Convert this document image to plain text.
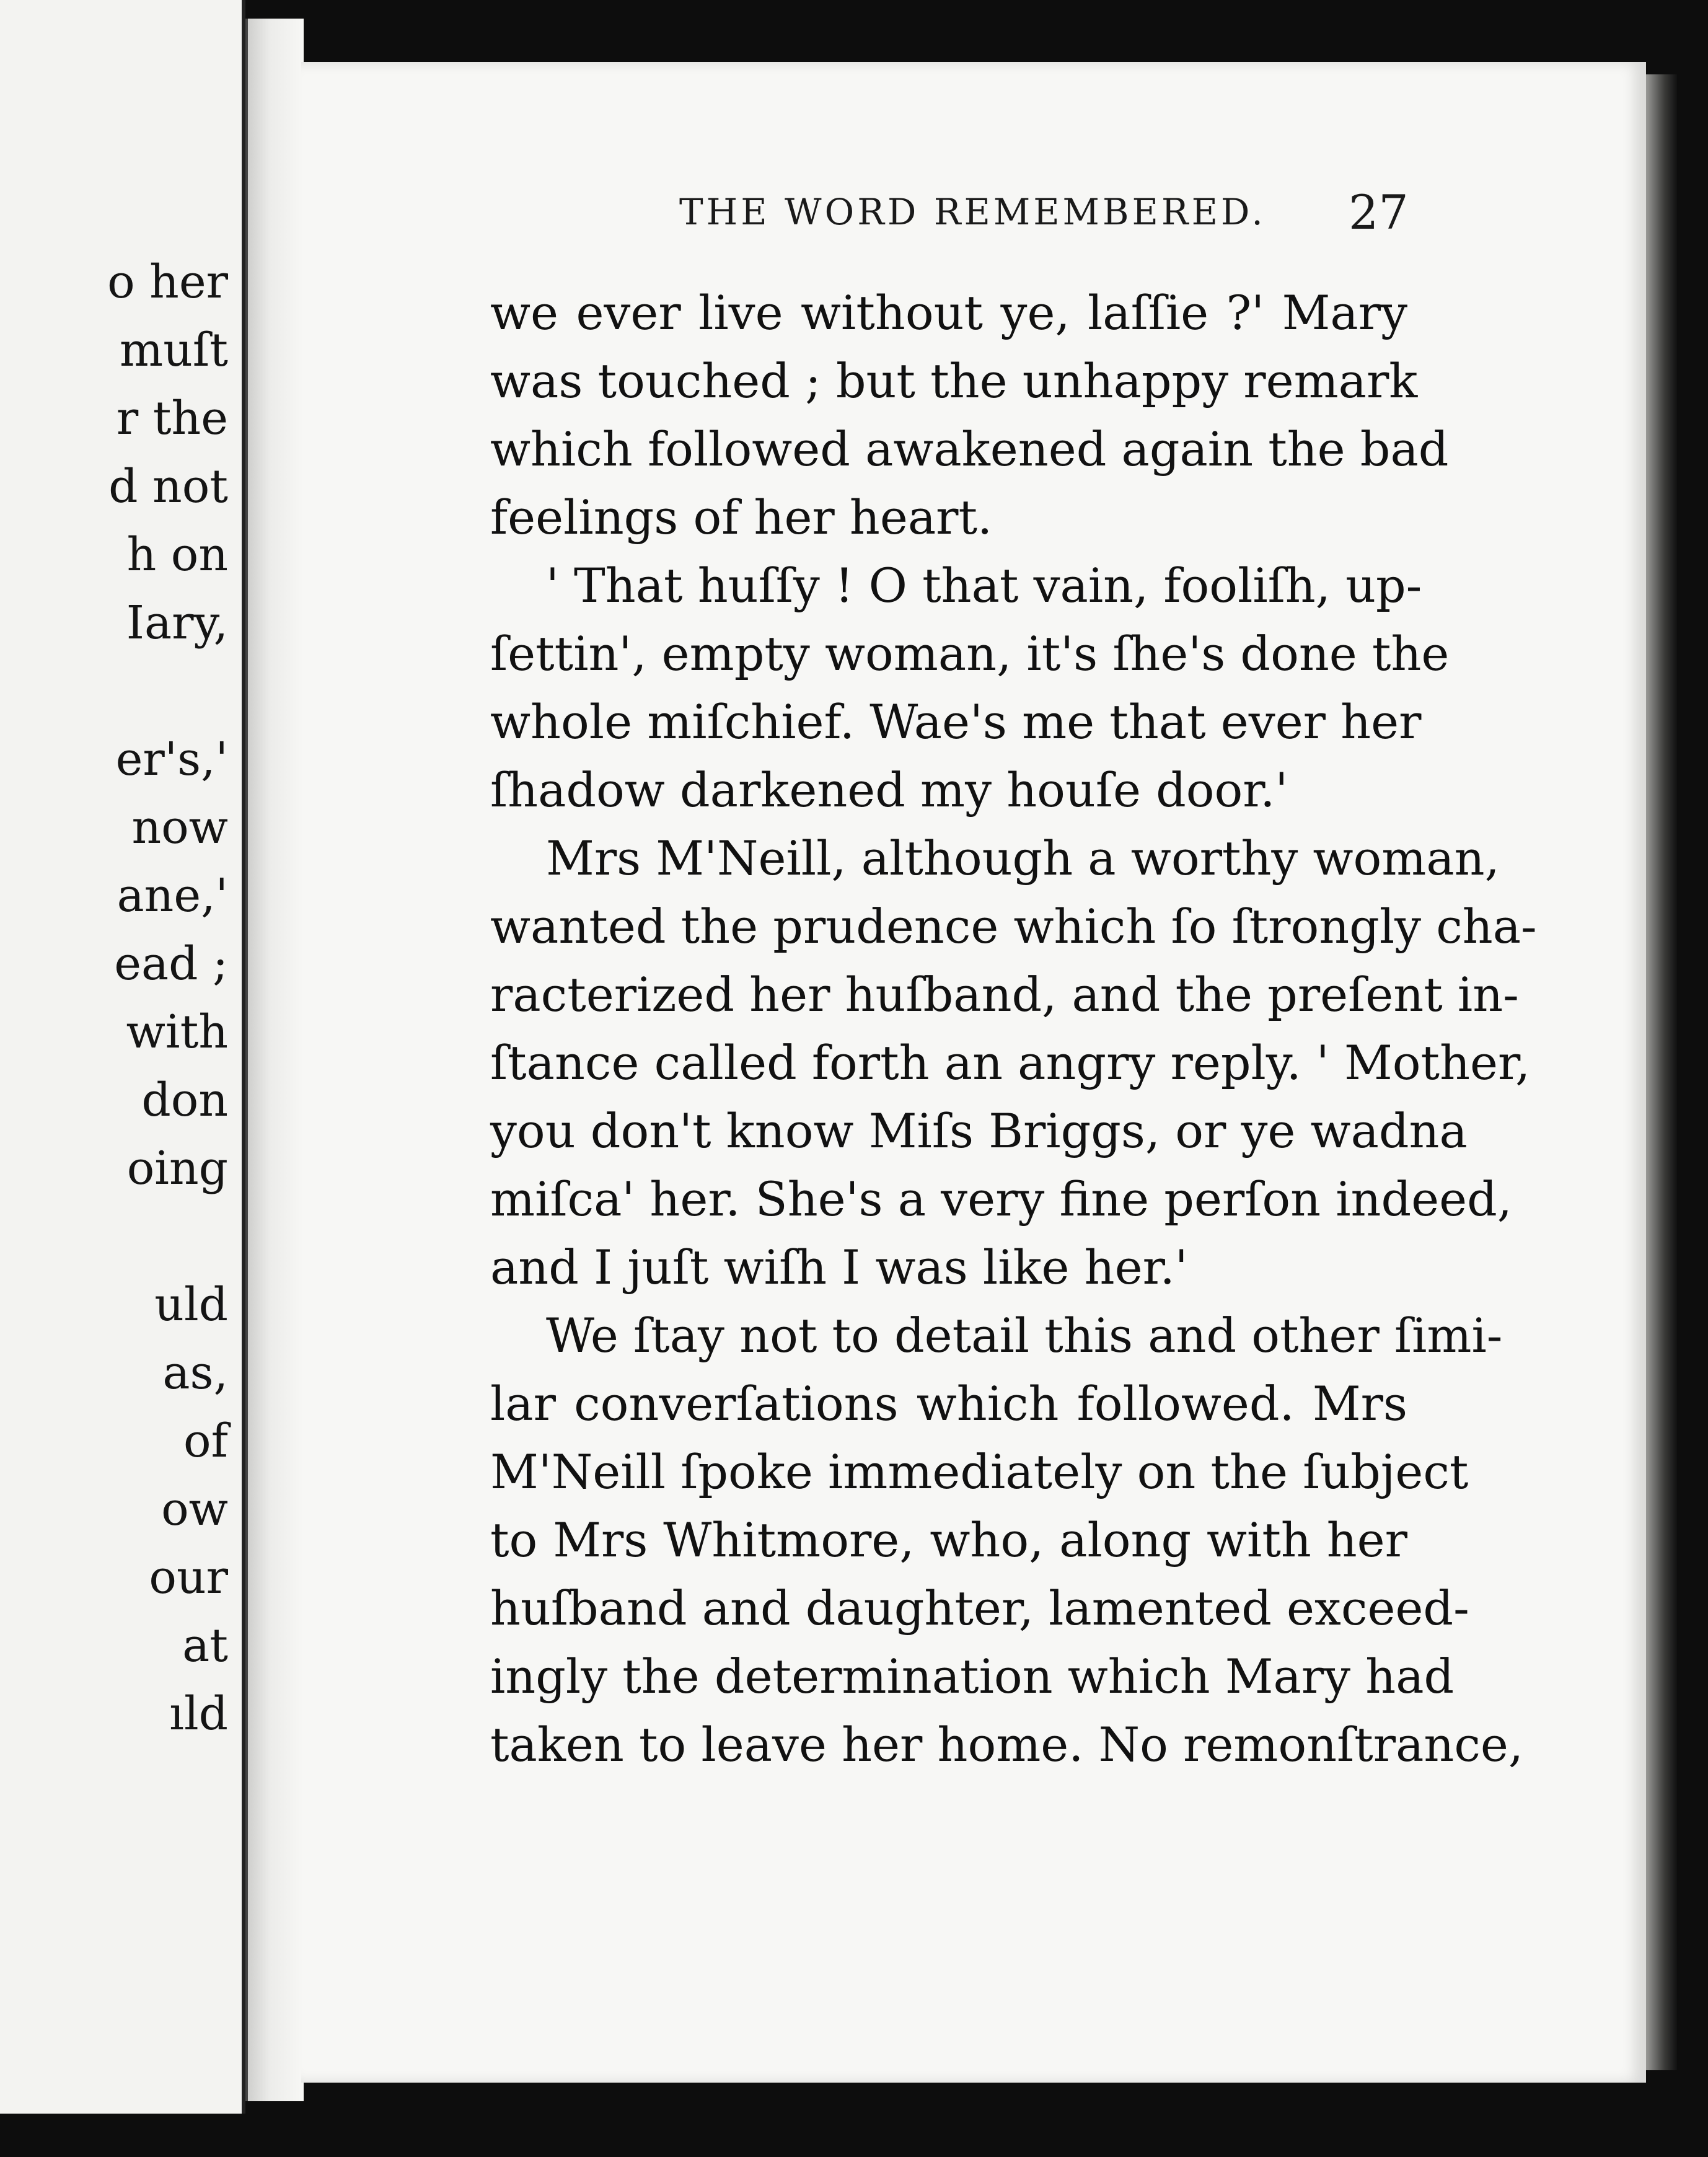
o her
muſt
r the
d not
h on
Iary,
er's,'
now
ane,'
ead ;
with
don
oing
uld
as,
of
ow
our
at
ıld
THE WORD REMEMBERED. 27
we ever live without ye, laſſie ?' Mary
was touched ; but the unhappy remark
which followed awakened again the bad
feelings of her heart.
' That huſſy ! O that vain, fooliſh, up-
ſettin', empty woman, it's ſhe's done the
whole miſchief. Wae's me that ever her
ſhadow darkened my houſe door.'
Mrs M'Neill, although a worthy woman,
wanted the prudence which ſo ſtrongly cha-
racterized her huſband, and the preſent in-
ſtance called forth an angry reply. ' Mother,
you don't know Miſs Briggs, or ye wadna
miſca' her. She's a very fine perſon indeed,
and I juſt wiſh I was like her.'
We ſtay not to detail this and other ſimi-
lar converſations which followed. Mrs
M'Neill ſpoke immediately on the ſubject
to Mrs Whitmore, who, along with her
huſband and daughter, lamented exceed-
ingly the determination which Mary had
taken to leave her home. No remonſtrance,
